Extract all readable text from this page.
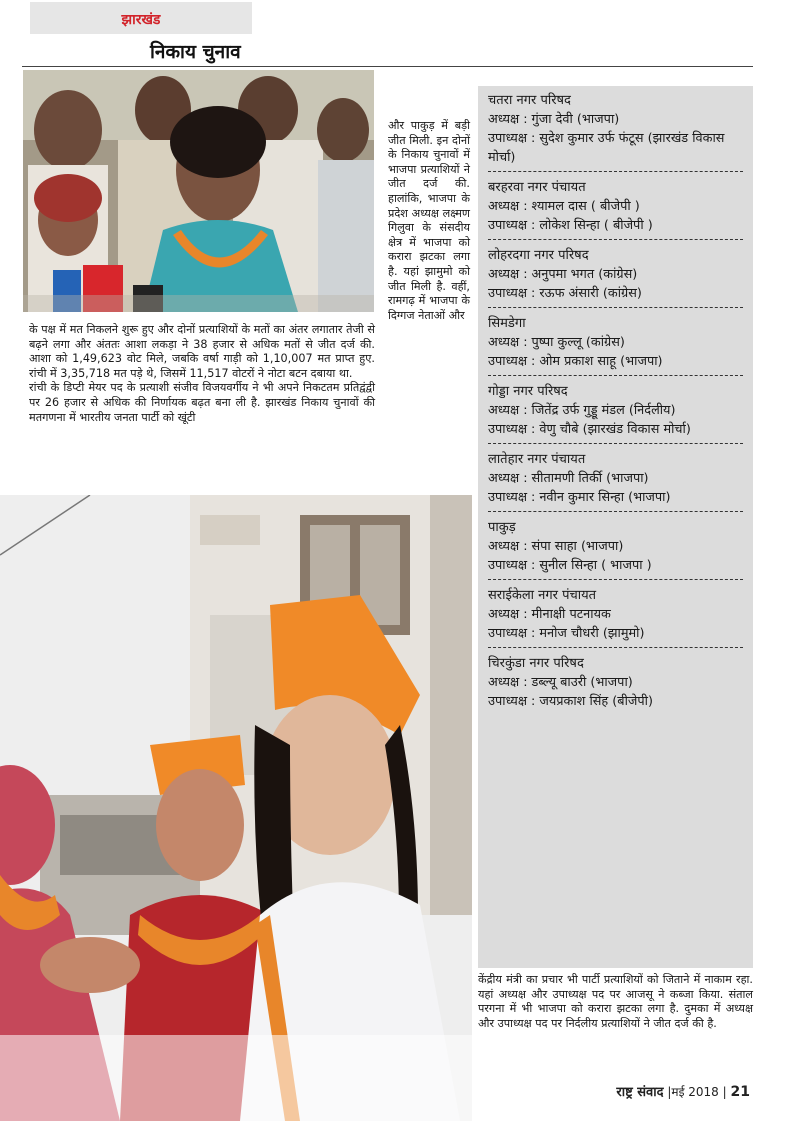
झारखंड
निकाय चुनाव

और पाकुड़ में बड़ी जीत मिली. इन दोनों के निकाय चुनावों में भाजपा प्रत्याशियों ने जीत दर्ज की. हालांकि, भाजपा के प्रदेश अध्यक्ष लक्ष्मण गिलुवा के संसदीय क्षेत्र में भाजपा को करारा झटका लगा है. यहां झामुमो को जीत मिली है. वहीं, रामगढ़ में भाजपा के दिग्गज नेताओं और

के पक्ष में मत निकलने शुरू हुए और दोनों प्रत्याशियों के मतों का अंतर लगातार तेजी से बढ़ने लगा और अंततः आशा लकड़ा ने 38 हजार से अधिक मतों से जीत दर्ज की. आशा को 1,49,623 वोट मिले, जबकि वर्षा गाड़ी को 1,10,007 मत प्राप्त हुए. रांची में 3,35,718 मत पड़े थे, जिसमें 11,517 वोटरों ने नोटा बटन दबाया था.

रांची के डिप्टी मेयर पद के प्रत्याशी संजीव विजयवर्गीय ने भी अपने निकटतम प्रतिद्वंद्वी पर 26 हजार से अधिक की निर्णायक बढ़त बना ली है. झारखंड निकाय चुनावों की मतगणना में भारतीय जनता पार्टी को खूंटी

चतरा नगर परिषद
अध्यक्ष : गुंजा देवी (भाजपा)
उपाध्यक्ष : सुदेश कुमार उर्फ फंटूस (झारखंड विकास मोर्चा)
बरहरवा नगर पंचायत
अध्यक्ष : श्यामल दास ( बीजेपी )
उपाध्यक्ष : लोकेश सिन्हा ( बीजेपी )
लोहरदगा नगर परिषद
अध्यक्ष : अनुपमा भगत (कांग्रेस)
उपाध्यक्ष : रऊफ अंसारी (कांग्रेस)
सिमडेगा
अध्यक्ष : पुष्पा कुल्लू (कांग्रेस)
उपाध्यक्ष : ओम प्रकाश साहू (भाजपा)
गोड्डा नगर परिषद
अध्यक्ष : जितेंद्र उर्फ गुड्डू मंडल (निर्दलीय)
उपाध्यक्ष : वेणु चौबे (झारखंड विकास मोर्चा)
लातेहार नगर पंचायत
अध्यक्ष : सीतामणी तिर्की (भाजपा)
उपाध्यक्ष : नवीन कुमार सिन्हा (भाजपा)
पाकुड़
अध्यक्ष : संपा साहा (भाजपा)
उपाध्यक्ष : सुनील सिन्हा ( भाजपा )
सराईकेला नगर पंचायत
अध्यक्ष : मीनाक्षी पटनायक
उपाध्यक्ष : मनोज चौधरी (झामुमो)
चिरकुंडा नगर परिषद
अध्यक्ष : डब्ल्यू बाउरी (भाजपा)
उपाध्यक्ष : जयप्रकाश सिंह (बीजेपी)

केंद्रीय मंत्री का प्रचार भी पार्टी प्रत्याशियों को जिताने में नाकाम रहा. यहां अध्यक्ष और उपाध्यक्ष पद पर आजसू ने कब्जा किया. संताल परगना में भी भाजपा को करारा झटका लगा है. दुमका में अध्यक्ष और उपाध्यक्ष पद पर निर्दलीय प्रत्याशियों ने जीत दर्ज की है.

राष्ट्र संवाद |मई 2018 | 21
